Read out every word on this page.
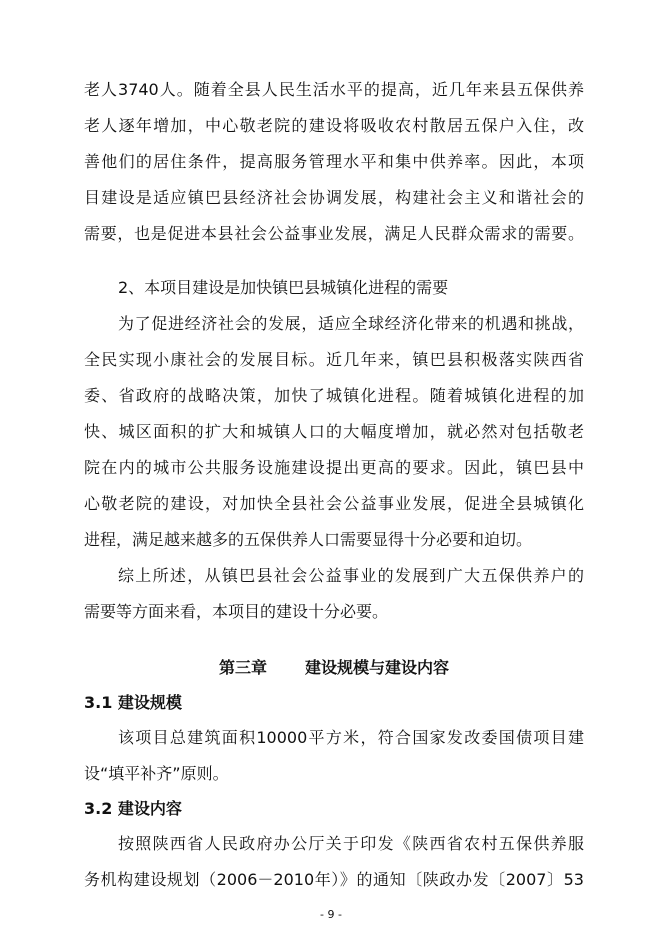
老人3740人。随着全县人民生活水平的提高，近几年来县五保供养
老人逐年增加，中心敬老院的建设将吸收农村散居五保户入住，改
善他们的居住条件，提高服务管理水平和集中供养率。因此，本项
目建设是适应镇巴县经济社会协调发展，构建社会主义和谐社会的
需要，也是促进本县社会公益事业发展，满足人民群众需求的需要。
2、本项目建设是加快镇巴县城镇化进程的需要
为了促进经济社会的发展，适应全球经济化带来的机遇和挑战，
全民实现小康社会的发展目标。近几年来，镇巴县积极落实陕西省
委、省政府的战略决策，加快了城镇化进程。随着城镇化进程的加
快、城区面积的扩大和城镇人口的大幅度增加，就必然对包括敬老
院在内的城市公共服务设施建设提出更高的要求。因此，镇巴县中
心敬老院的建设，对加快全县社会公益事业发展，促进全县城镇化
进程，满足越来越多的五保供养人口需要显得十分必要和迫切。
综上所述，从镇巴县社会公益事业的发展到广大五保供养户的
需要等方面来看，本项目的建设十分必要。
第三章 建设规模与建设内容
3.1 建设规模
该项目总建筑面积10000平方米，符合国家发改委国债项目建
设“填平补齐”原则。
3.2 建设内容
按照陕西省人民政府办公厅关于印发《陕西省农村五保供养服
务机构建设规划（2006－2010年）》的通知〔陕政办发〔2007〕53
- 9 -
